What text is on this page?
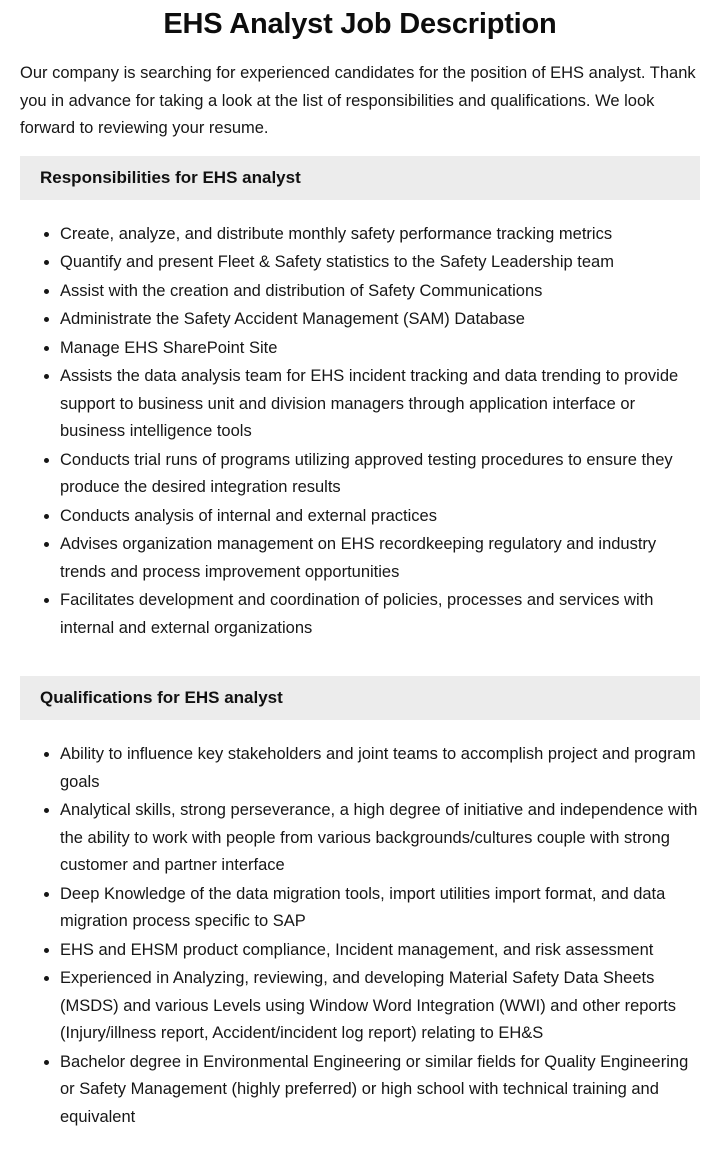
EHS Analyst Job Description

Our company is searching for experienced candidates for the position of EHS analyst. Thank you in advance for taking a look at the list of responsibilities and qualifications. We look forward to reviewing your resume.

Responsibilities for EHS analyst
• Create, analyze, and distribute monthly safety performance tracking metrics
• Quantify and present Fleet & Safety statistics to the Safety Leadership team
• Assist with the creation and distribution of Safety Communications
• Administrate the Safety Accident Management (SAM) Database
• Manage EHS SharePoint Site
• Assists the data analysis team for EHS incident tracking and data trending to provide support to business unit and division managers through application interface or business intelligence tools
• Conducts trial runs of programs utilizing approved testing procedures to ensure they produce the desired integration results
• Conducts analysis of internal and external practices
• Advises organization management on EHS recordkeeping regulatory and industry trends and process improvement opportunities
• Facilitates development and coordination of policies, processes and services with internal and external organizations
Qualifications for EHS analyst
• Ability to influence key stakeholders and joint teams to accomplish project and program goals
• Analytical skills, strong perseverance, a high degree of initiative and independence with the ability to work with people from various backgrounds/cultures couple with strong customer and partner interface
• Deep Knowledge of the data migration tools, import utilities import format, and data migration process specific to SAP
• EHS and EHSM product compliance, Incident management, and risk assessment
• Experienced in Analyzing, reviewing, and developing Material Safety Data Sheets (MSDS) and various Levels using Window Word Integration (WWI) and other reports (Injury/illness report, Accident/incident log report) relating to EH&S
• Bachelor degree in Environmental Engineering or similar fields for Quality Engineering or Safety Management (highly preferred) or high school with technical training and equivalent
